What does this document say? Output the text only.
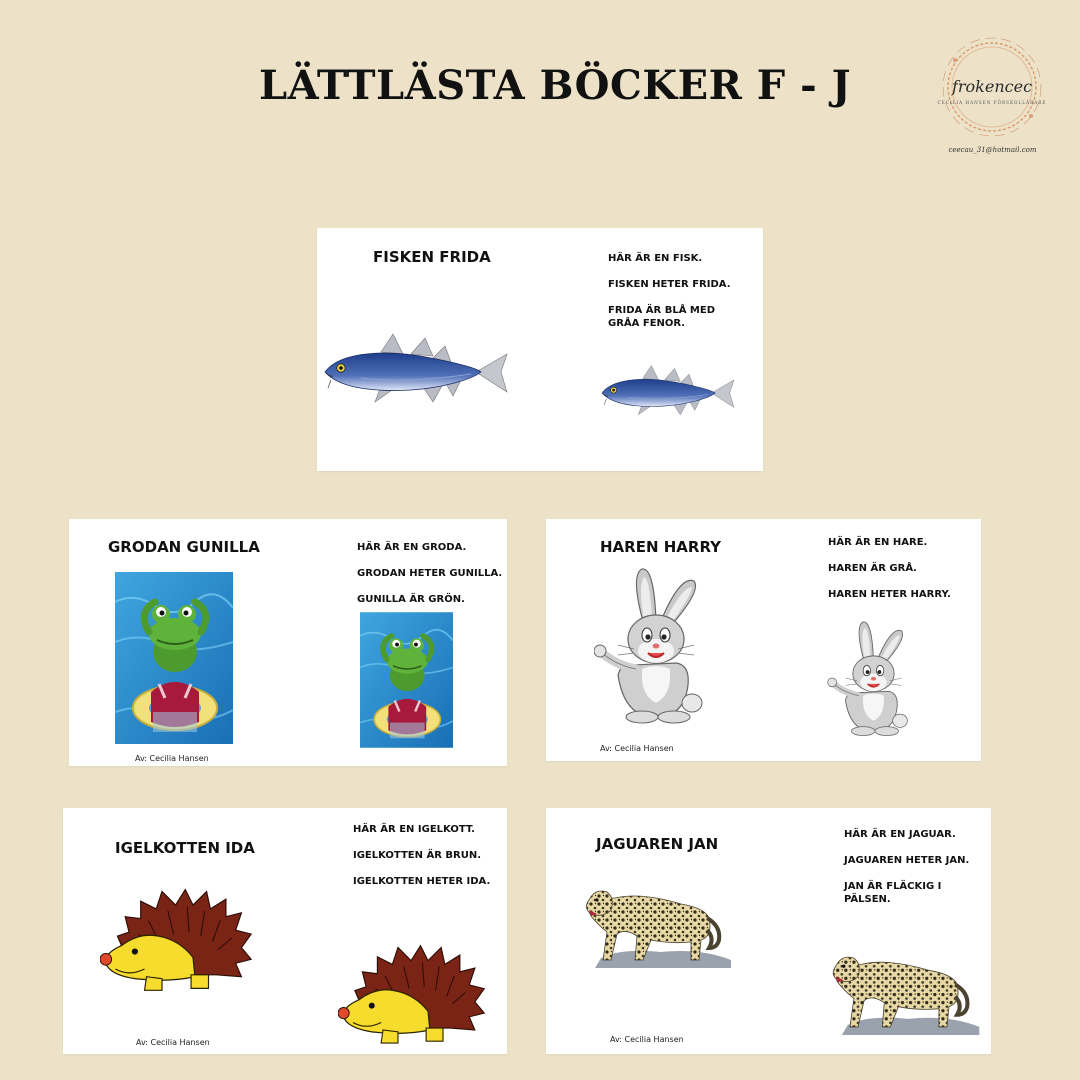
LÄTTLÄSTA BÖCKER F - J	frokencec
CECILIA HANSEN FÖRSKOLLÄRARE
ceecau_31@hotmail.com
FISKEN FRIDA	HÄR ÄR EN FISK.

FISKEN HETER FRIDA.

FRIDA ÄR BLÅ MED GRÅA FENOR.

GRODAN GUNILLA	HÄR ÄR EN GRODA.

GRODAN HETER GUNILLA.

GUNILLA ÄR GRÖN.

Av: Cecilia Hansen
HAREN HARRY	HÄR ÄR EN HARE.

HAREN ÄR GRÅ.

HAREN HETER HARRY.

Av: Cecilia Hansen
IGELKOTTEN IDA

HÄR ÄR EN IGELKOTT.

IGELKOTTEN ÄR BRUN.

IGELKOTTEN HETER IDA.

Av: Cecilia Hansen
JAGUAREN JAN

HÄR ÄR EN JAGUAR.

JAGUAREN HETER JAN.

JAN ÄR FLÄCKIG I PÄLSEN.

Av: Cecilia Hansen
